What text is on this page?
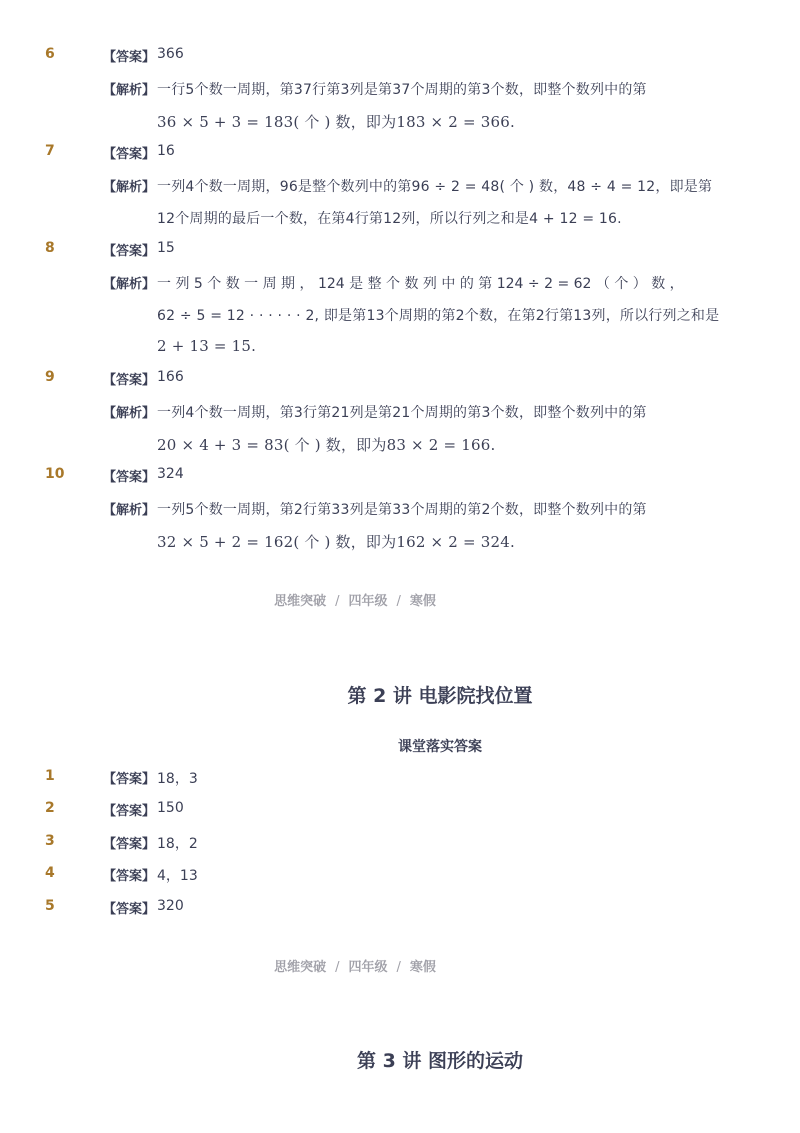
6	【答案】 366
【解析】 一行5个数一周期，第37行第3列是第37个周期的第3个数，即整个数列中的第
36 × 5 + 3 = 183( 个 ) 数，即为183 × 2 = 366.
7	【答案】 16
【解析】 一列4个数一周期，96是整个数列中的第96 ÷ 2 = 48( 个 ) 数，48 ÷ 4 = 12，即是第
12个周期的最后一个数，在第4行第12列，所以行列之和是4 + 12 = 16.
8	【答案】 15
【解析】 一 列 5 个 数 一 周 期 ， 124 是 整 个 数 列 中 的 第 124 ÷ 2 = 62 （ 个 ） 数 ，
62 ÷ 5 = 12 · · · · · · 2, 即是第13个周期的第2个数，在第2行第13列，所以行列之和是
2 + 13 = 15.
9	【答案】 166
【解析】 一列4个数一周期，第3行第21列是第21个周期的第3个数，即整个数列中的第
20 × 4 + 3 = 83( 个 ) 数，即为83 × 2 = 166.
10	【答案】 324
【解析】 一列5个数一周期，第2行第33列是第33个周期的第2个数，即整个数列中的第
32 × 5 + 2 = 162( 个 ) 数，即为162 × 2 = 324.
思维突破 / 四年级 / 寒假
第 2 讲 电影院找位置
课堂落实答案
1	【答案】 18，3
2	【答案】 150
3	【答案】 18，2
4	【答案】 4，13
5	【答案】 320
思维突破 / 四年级 / 寒假
第 3 讲 图形的运动
